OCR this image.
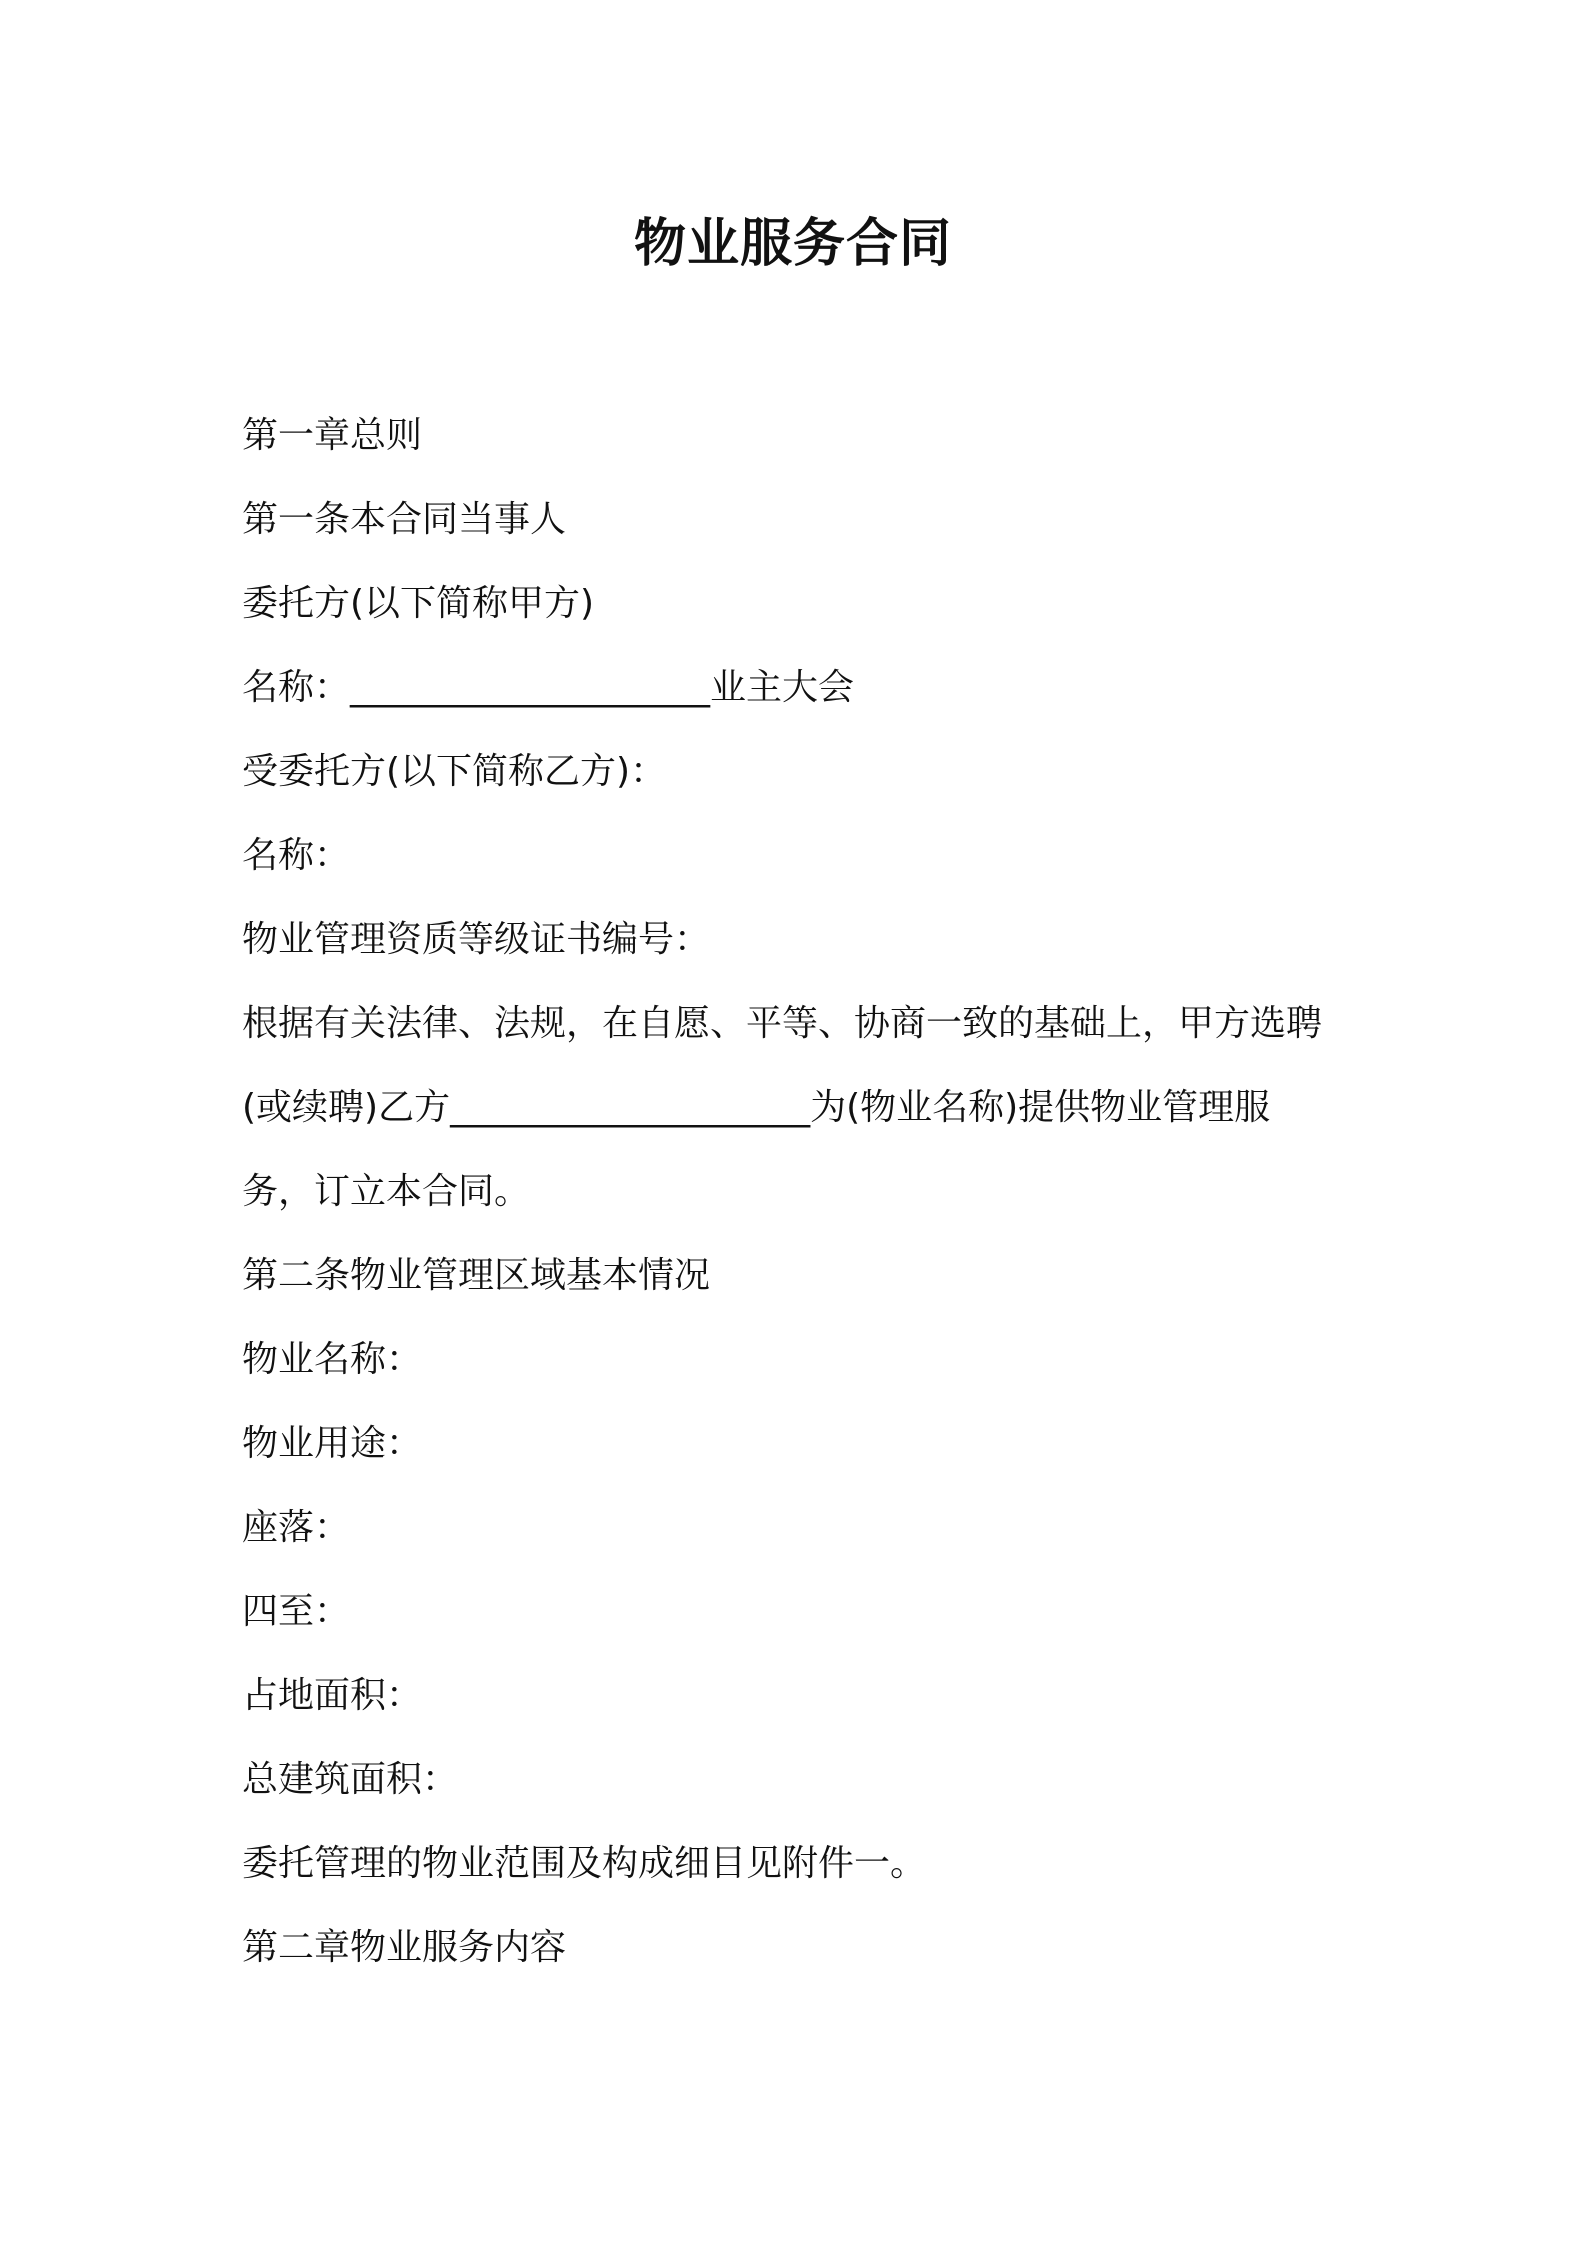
物业服务合同
第一章总则
第一条本合同当事人
委托方(以下简称甲方)
名称：____________________业主大会
受委托方(以下简称乙方)：
名称：
物业管理资质等级证书编号：
根据有关法律、法规，在自愿、平等、协商一致的基础上，甲方选聘
(或续聘)乙方____________________为(物业名称)提供物业管理服
务，订立本合同。
第二条物业管理区域基本情况
物业名称：
物业用途：
座落：
四至：
占地面积：
总建筑面积：
委托管理的物业范围及构成细目见附件一。
第二章物业服务内容
